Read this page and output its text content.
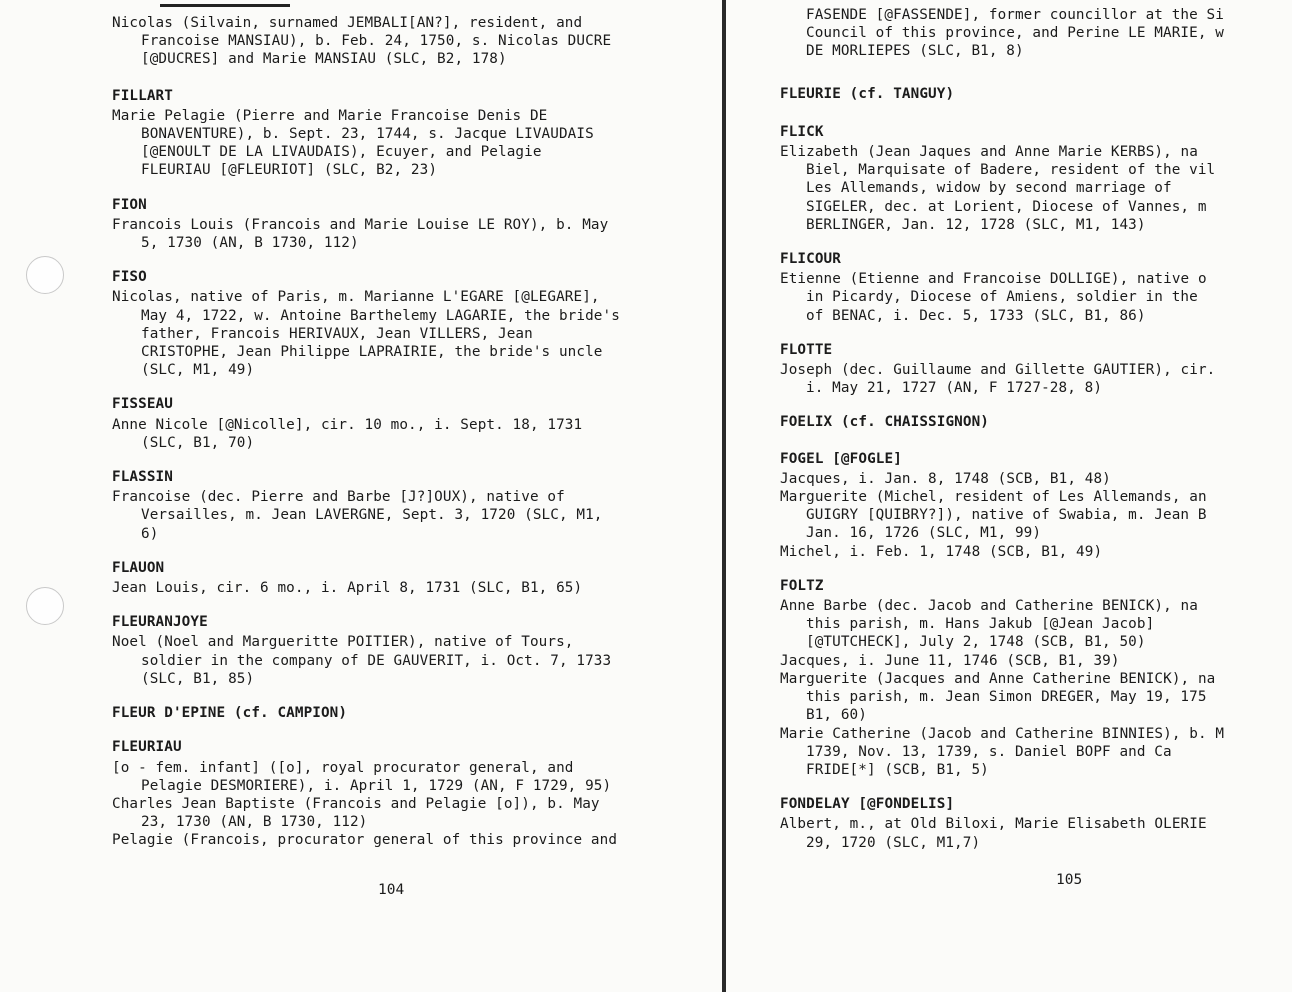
Nicolas (Silvain, surnamed JEMBALI[AN?], resident, and
Francoise MANSIAU), b. Feb. 24, 1750, s. Nicolas DUCRE
[@DUCRES] and Marie MANSIAU (SLC, B2, 178)
FILLART
Marie Pelagie (Pierre and Marie Francoise Denis DE
BONAVENTURE), b. Sept. 23, 1744, s. Jacque LIVAUDAIS
[@ENOULT DE LA LIVAUDAIS), Ecuyer, and Pelagie
FLEURIAU [@FLEURIOT] (SLC, B2, 23)
FION
Francois Louis (Francois and Marie Louise LE ROY), b. May
5, 1730 (AN, B 1730, 112)
FISO
Nicolas, native of Paris, m. Marianne L'EGARE [@LEGARE],
May 4, 1722, w. Antoine Barthelemy LAGARIE, the bride's
father, Francois HERIVAUX, Jean VILLERS, Jean
CRISTOPHE, Jean Philippe LAPRAIRIE, the bride's uncle
(SLC, M1, 49)
FISSEAU
Anne Nicole [@Nicolle], cir. 10 mo., i. Sept. 18, 1731
(SLC, B1, 70)
FLASSIN
Francoise (dec. Pierre and Barbe [J?]OUX), native of
Versailles, m. Jean LAVERGNE, Sept. 3, 1720 (SLC, M1,
6)
FLAUON
Jean Louis, cir. 6 mo., i. April 8, 1731 (SLC, B1, 65)
FLEURANJOYE
Noel (Noel and Margueritte POITIER), native of Tours,
soldier in the company of DE GAUVERIT, i. Oct. 7, 1733
(SLC, B1, 85)
FLEUR D'EPINE (cf. CAMPION)
FLEURIAU
[o - fem. infant] ([o], royal procurator general, and
Pelagie DESMORIERE), i. April 1, 1729 (AN, F 1729, 95)
Charles Jean Baptiste (Francois and Pelagie [o]), b. May
23, 1730 (AN, B 1730, 112)
Pelagie (Francois, procurator general of this province and
104
FASENDE [@FASSENDE], former councillor at the Si
Council of this province, and Perine LE MARIE, w
DE MORLIEPES (SLC, B1, 8)
FLEURIE (cf. TANGUY)
FLICK
Elizabeth (Jean Jaques and Anne Marie KERBS), na
Biel, Marquisate of Badere, resident of the vil
Les Allemands, widow by second marriage of
SIGELER, dec. at Lorient, Diocese of Vannes, m
BERLINGER, Jan. 12, 1728 (SLC, M1, 143)
FLICOUR
Etienne (Etienne and Francoise DOLLIGE), native o
in Picardy, Diocese of Amiens, soldier in the
of BENAC, i. Dec. 5, 1733 (SLC, B1, 86)
FLOTTE
Joseph (dec. Guillaume and Gillette GAUTIER), cir.
i. May 21, 1727 (AN, F 1727-28, 8)
FOELIX (cf. CHAISSIGNON)
FOGEL [@FOGLE]
Jacques, i. Jan. 8, 1748 (SCB, B1, 48)
Marguerite (Michel, resident of Les Allemands, an
GUIGRY [QUIBRY?]), native of Swabia, m. Jean B
Jan. 16, 1726 (SLC, M1, 99)
Michel, i. Feb. 1, 1748 (SCB, B1, 49)
FOLTZ
Anne Barbe (dec. Jacob and Catherine BENICK), na
this parish, m. Hans Jakub [@Jean Jacob]
[@TUTCHECK], July 2, 1748 (SCB, B1, 50)
Jacques, i. June 11, 1746 (SCB, B1, 39)
Marguerite (Jacques and Anne Catherine BENICK), na
this parish, m. Jean Simon DREGER, May 19, 175
B1, 60)
Marie Catherine (Jacob and Catherine BINNIES), b. M
1739, Nov. 13, 1739, s. Daniel BOPF and Ca
FRIDE[*] (SCB, B1, 5)
FONDELAY [@FONDELIS]
Albert, m., at Old Biloxi, Marie Elisabeth OLERIE
29, 1720 (SLC, M1,7)
105
